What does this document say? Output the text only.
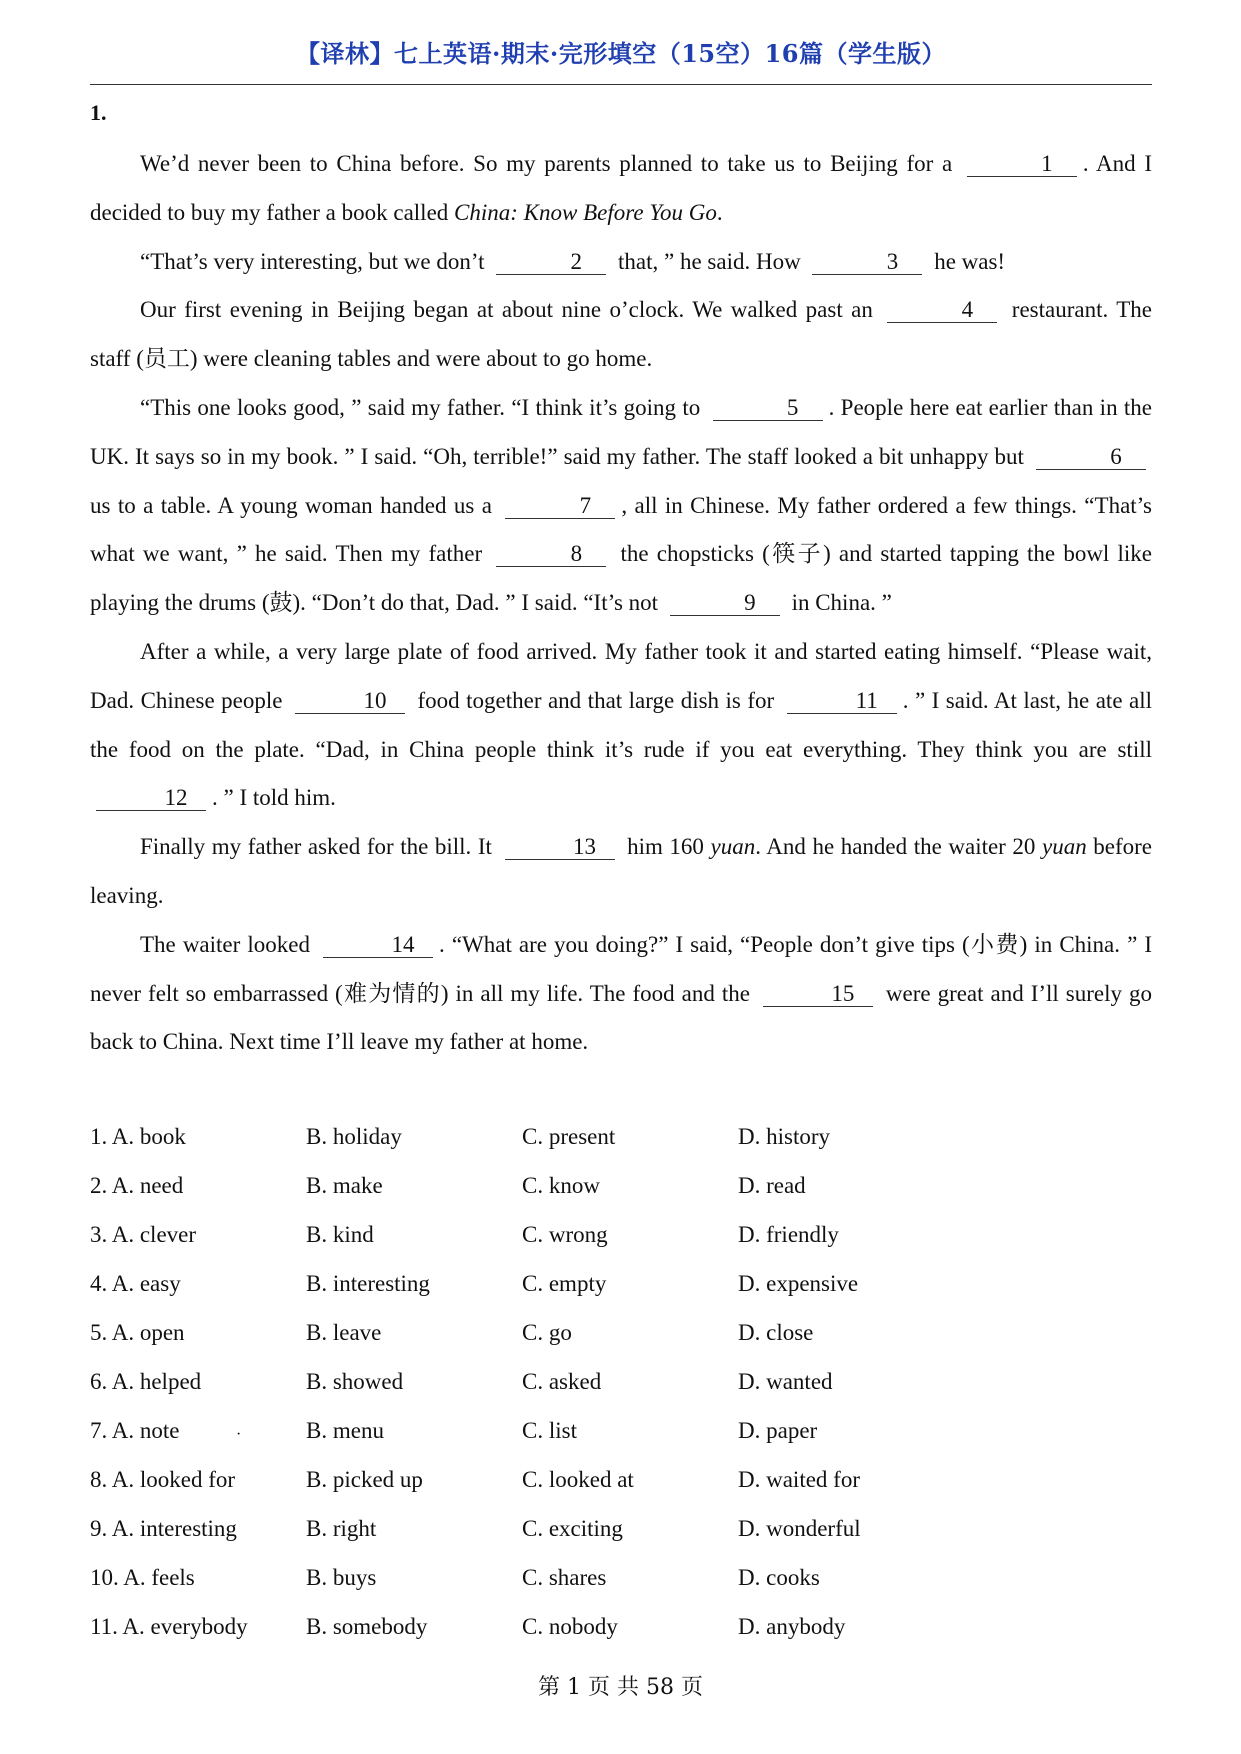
【译林】七上英语·期末·完形填空（15空）16篇（学生版）
1.

We’d never been to China before. So my parents planned to take us to Beijing for a	1 . And I decided to buy my father a book called China: Know Before You Go.

“That’s very interesting, but we don’t	2 that, ” he said. How	3 he was!

Our first evening in Beijing began at about nine o’clock. We walked past an	4 restaurant. The staff (员工) were cleaning tables and were about to go home.

“This one looks good, ” said my father. “I think it’s going to	5 . People here eat earlier than in the UK. It says so in my book. ” I said. “Oh, terrible!” said my father. The staff looked a bit unhappy but	6 us to a table. A young woman handed us a	7 , all in Chinese. My father ordered a few things. “That’s what we want, ” he said. Then my father	8 the chopsticks (筷子) and started tapping the bowl like playing the drums (鼓). “Don’t do that, Dad. ” I said. “It’s not	9 in China. ”

After a while, a very large plate of food arrived. My father took it and started eating himself. “Please wait, Dad. Chinese people	10 food together and that large dish is for	11 . ” I said. At last, he ate all the food on the plate. “Dad, in China people think it’s rude if you eat everything. They think you are still 12 . ” I told him.

Finally my father asked for the bill. It	13 him 160 yuan. And he handed the waiter 20 yuan before leaving.

The waiter looked	14 . “What are you doing?” I said, “People don’t give tips (小费) in China. ” I never felt so embarrassed (难为情的) in all my life. The food and the	15 were great and I’ll surely go back to China. Next time I’ll leave my father at home.

1. A. book	B. holiday	C. present	D. history
2. A. need	B. make	C. know	D. read
3. A. clever	B. kind	C. wrong	D. friendly
4. A. easy	B. interesting	C. empty	D. expensive
5. A. open	B. leave	C. go	D. close
6. A. helped	B. showed	C. asked	D. wanted
7. A. note	B. menu	C. list	D. paper
8. A. looked for	B. picked up	C. looked at	D. waited for
9. A. interesting	B. right	C. exciting	D. wonderful
10. A. feels	B. buys	C. shares	D. cooks
11. A. everybody	B. somebody	C. nobody	D. anybody
·
第 1 页 共 58 页
